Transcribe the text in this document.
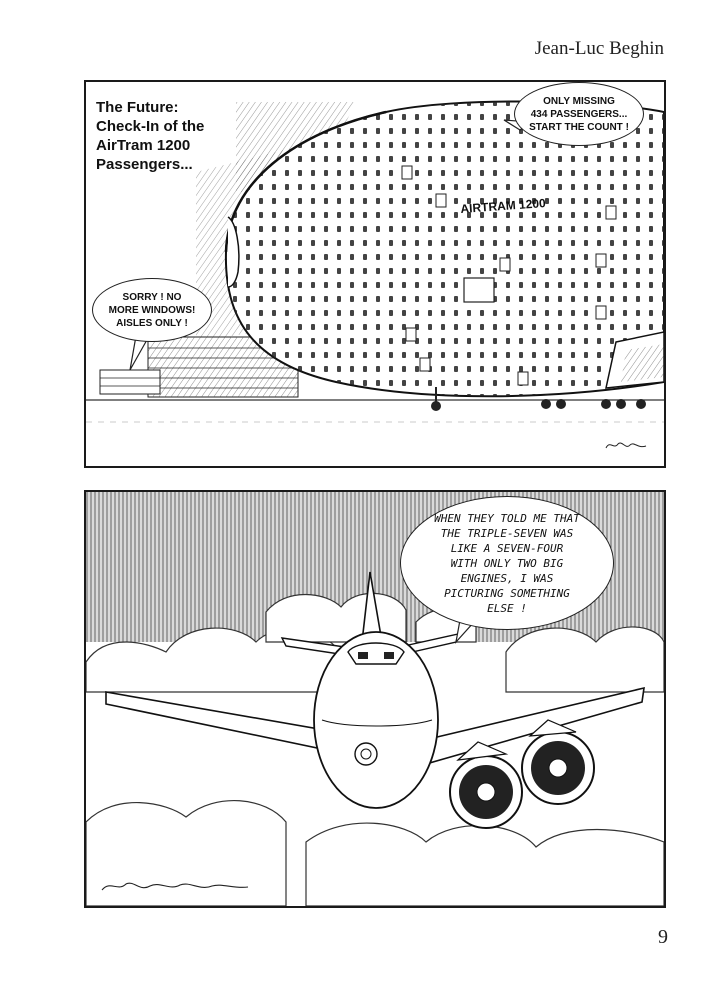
Jean-Luc Beghin
The Future:
Check-In of the
AirTram 1200
Passengers...
AIRTRAM 1200
ONLY MISSING
434 PASSENGERS...
START THE COUNT !
SORRY ! NO
MORE WINDOWS!
AISLES ONLY !
WHEN THEY TOLD ME THAT
THE TRIPLE-SEVEN WAS
LIKE A SEVEN-FOUR
WITH ONLY TWO BIG
ENGINES, I WAS
PICTURING SOMETHING
ELSE !
9
